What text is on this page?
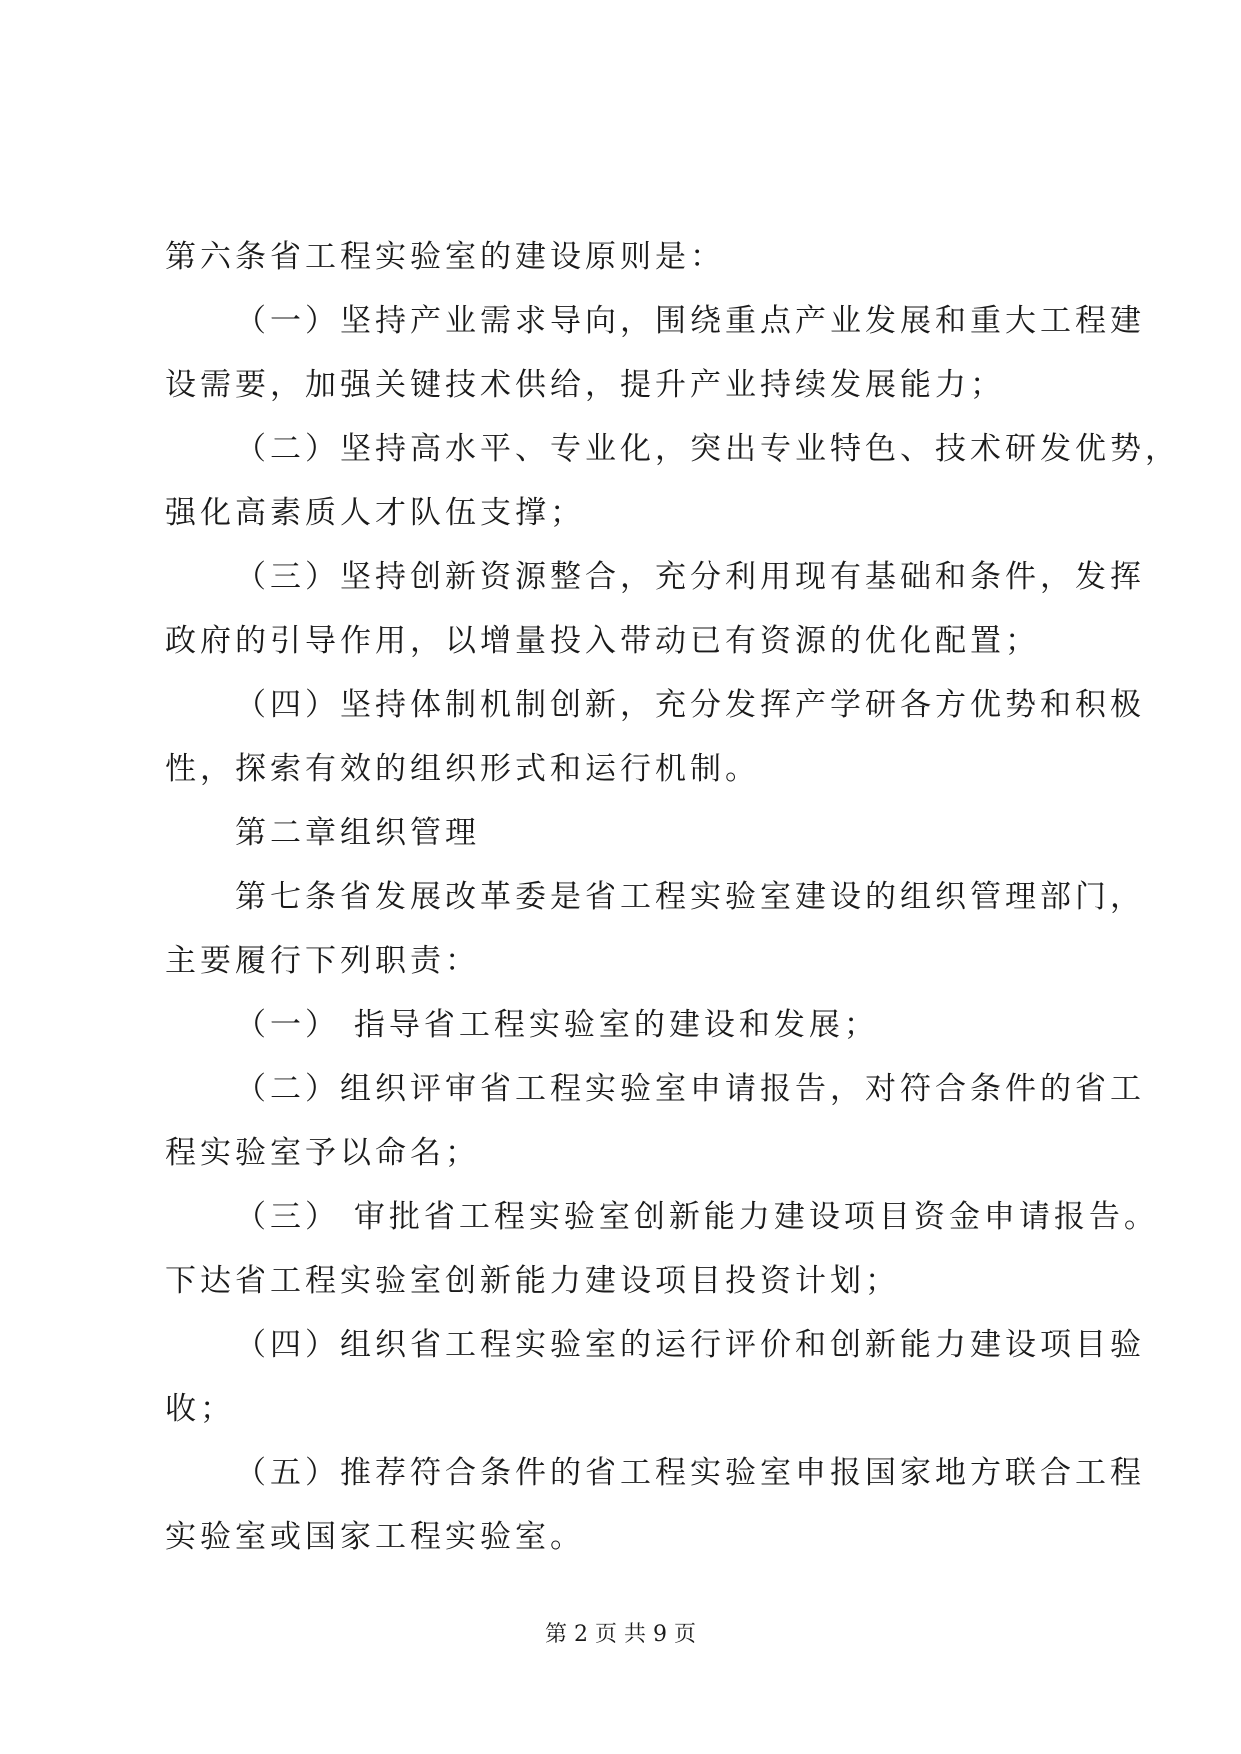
第六条省工程实验室的建设原则是：
（一）坚持产业需求导向，围绕重点产业发展和重大工程建
设需要，加强关键技术供给，提升产业持续发展能力；
（二）坚持高水平、专业化，突出专业特色、技术研发优势，
强化高素质人才队伍支撑；
（三）坚持创新资源整合，充分利用现有基础和条件，发挥
政府的引导作用，以增量投入带动已有资源的优化配置；
（四）坚持体制机制创新，充分发挥产学研各方优势和积极
性，探索有效的组织形式和运行机制。
第二章组织管理
第七条省发展改革委是省工程实验室建设的组织管理部门，
主要履行下列职责：
（一） 指导省工程实验室的建设和发展；
（二）组织评审省工程实验室申请报告，对符合条件的省工
程实验室予以命名；
（三） 审批省工程实验室创新能力建设项目资金申请报告。
下达省工程实验室创新能力建设项目投资计划；
（四）组织省工程实验室的运行评价和创新能力建设项目验
收；
（五）推荐符合条件的省工程实验室申报国家地方联合工程
实验室或国家工程实验室。
第 2 页 共 9 页
